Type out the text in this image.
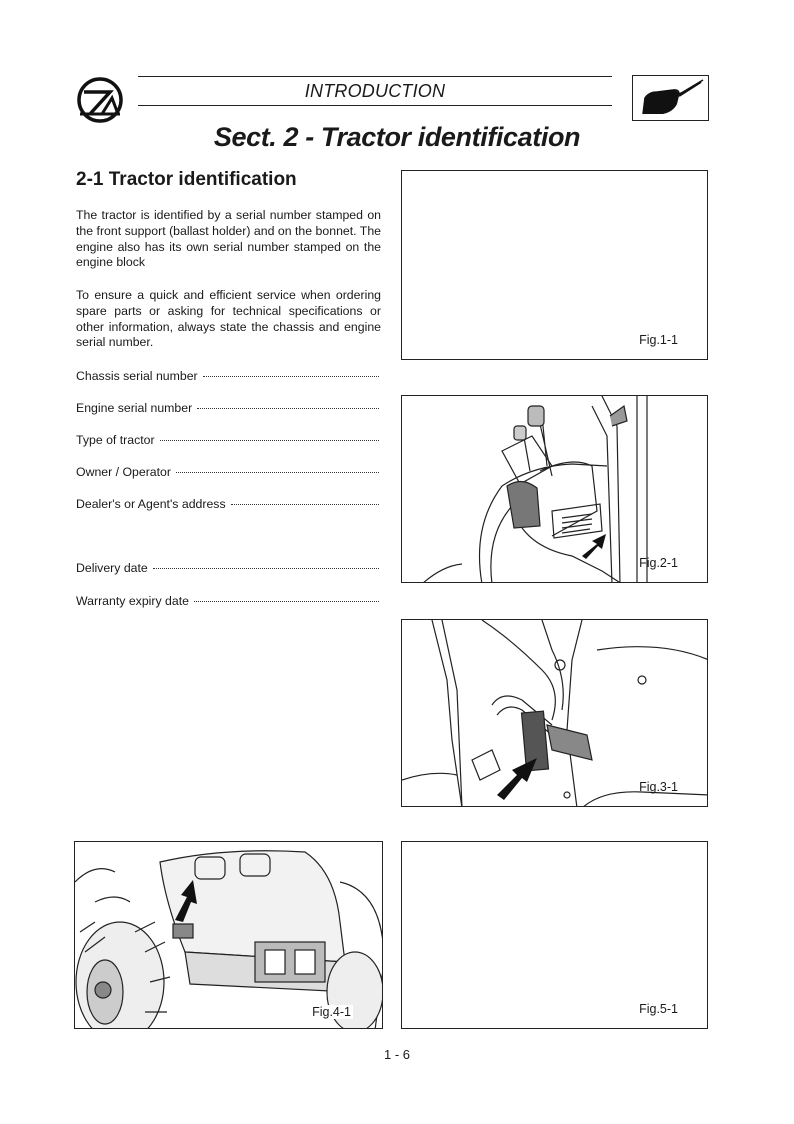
INTRODUCTION
Sect. 2 - Tractor identification
2-1 Tractor identification
The tractor is identified by a serial number stamped on the front support (ballast holder) and on the bonnet. The engine also has its own serial number stamped on the engine block
To ensure a quick and efficient service when ordering spare parts or asking for technical specifications or other information, always state the chassis and engine serial number.
Chassis serial number
Engine serial number
Type of tractor
Owner / Operator
Dealer's or Agent's address
Delivery date
Warranty expiry date
Fig.1-1
Fig.2-1
Fig.3-1
Fig.4-1	Fig.5-1
1 - 6
